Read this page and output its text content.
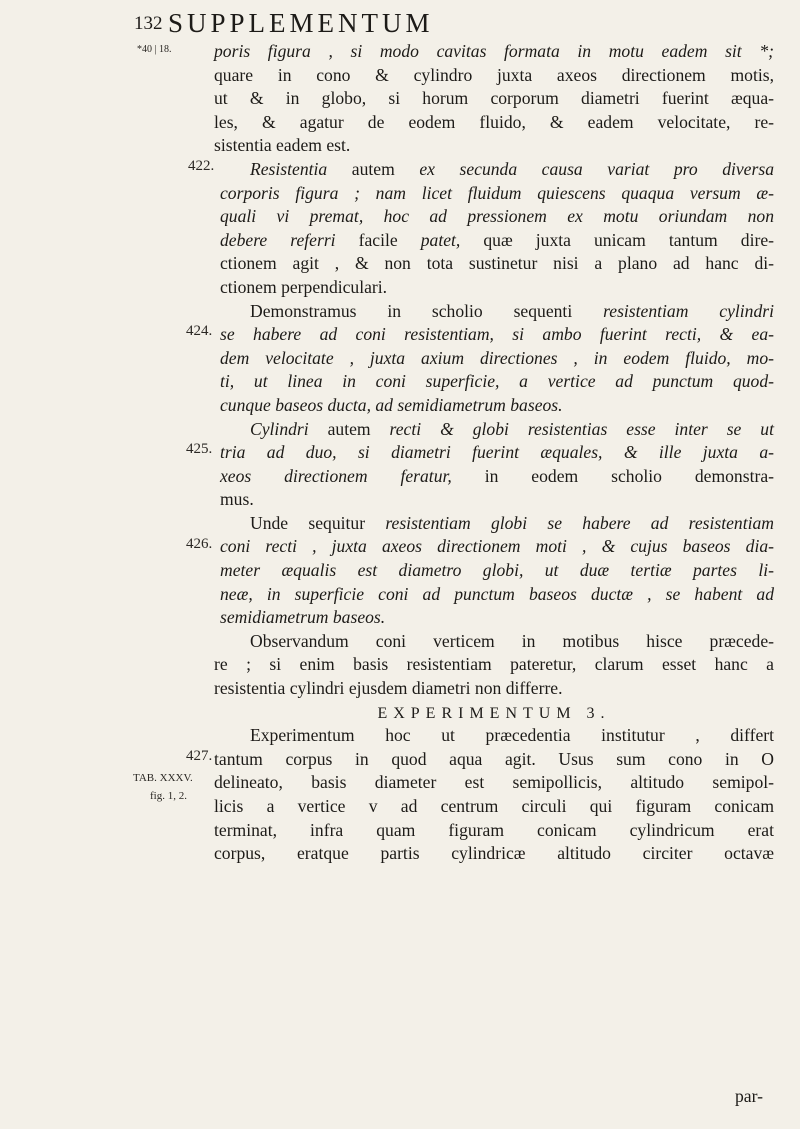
132 SUPPLEMENTUM
*40 | 18.
422.
424.
425.
426.
427.
TAB. XXXV.
fig. 1, 2.
poris figura , si modo cavitas formata in motu eadem sit *;
quare in cono & cylindro juxta axeos directionem motis,
ut & in globo, si horum corporum diametri fuerint æqua-
les, & agatur de eodem fluido, & eadem velocitate, re-
sistentia eadem est.
Resistentia autem ex secunda causa variat pro diversa
corporis figura ; nam licet fluidum quiescens quaqua versum æ-
quali vi premat, hoc ad pressionem ex motu oriundam non
debere referri facile patet, quæ juxta unicam tantum dire-
ctionem agit , & non tota sustinetur nisi a plano ad hanc di-
ctionem perpendiculari.
Demonstramus in scholio sequenti resistentiam cylindri
se habere ad coni resistentiam, si ambo fuerint recti, & ea-
dem velocitate , juxta axium directiones , in eodem fluido, mo-
ti, ut linea in coni superficie, a vertice ad punctum quod-
cunque baseos ducta, ad semidiametrum baseos.
Cylindri autem recti & globi resistentias esse inter se ut
tria ad duo, si diametri fuerint æquales, & ille juxta a-
xeos directionem feratur, in eodem scholio demonstra-
mus.
Unde sequitur resistentiam globi se habere ad resistentiam
coni recti , juxta axeos directionem moti , & cujus baseos dia-
meter æqualis est diametro globi, ut duæ tertiæ partes li-
neæ, in superficie coni ad punctum baseos ductæ , se habent ad
semidiametrum baseos.
Observandum coni verticem in motibus hisce præcede-
re ; si enim basis resistentiam pateretur, clarum esset hanc a
resistentia cylindri ejusdem diametri non differre.
EXPERIMENTUM 3.
Experimentum hoc ut præcedentia institutur , differt
tantum corpus in quod aqua agit. Usus sum cono in O
delineato, basis diameter est semipollicis, altitudo semipol-
licis a vertice v ad centrum circuli qui figuram conicam
terminat, infra quam figuram conicam cylindricum erat
corpus, eratque partis cylindricæ altitudo circiter octavæ
par-
